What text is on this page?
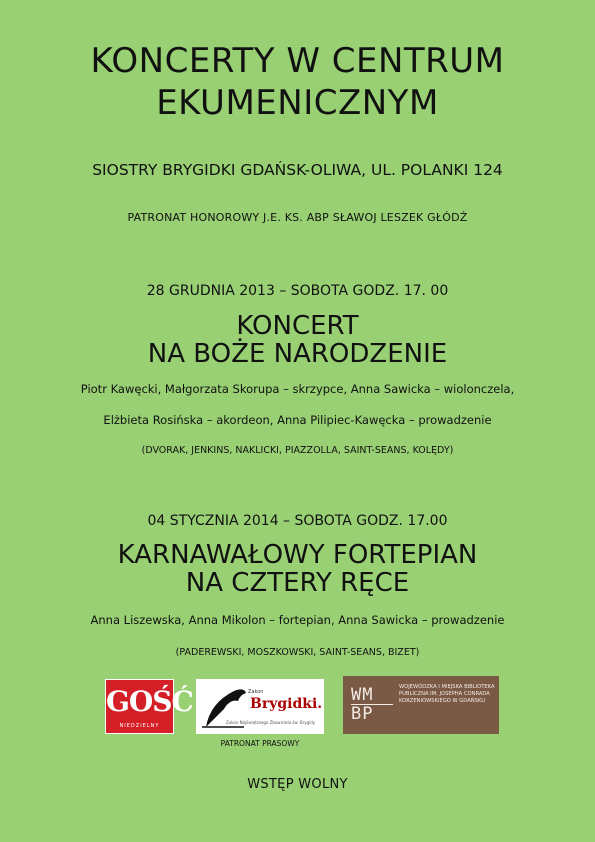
KONCERTY W CENTRUM
EKUMENICZNYM
SIOSTRY BRYGIDKI GDAŃSK-OLIWA, UL. POLANKI 124
PATRONAT HONOROWY J.E. KS. ABP SŁAWOJ LESZEK GŁÓDŹ
28 GRUDNIA 2013 – SOBOTA GODZ. 17. 00
KONCERT
NA BOŻE NARODZENIE
Piotr Kawęcki, Małgorzata Skorupa – skrzypce, Anna Sawicka – wiolonczela,
Elżbieta Rosińska – akordeon, Anna Pilipiec-Kawęcka – prowadzenie
(DVORAK, JENKINS, NAKLICKI, PIAZZOLLA, SAINT-SEANS, KOLĘDY)
04 STYCZNIA 2014 – SOBOTA GODZ. 17.00
KARNAWAŁOWY FORTEPIAN
NA CZTERY RĘCE
Anna Liszewska, Anna Mikolon – fortepian, Anna Sawicka – prowadzenie
(PADEREWSKI, MOSZKOWSKI, SAINT-SEANS, BIZET)
GOŚĆ
NIEDZIELNY
Zakon
Brygidki.
Zakon Najświętszego Zbawiciela św. Brygidy
PATRONAT PRASOWY
WM
BP
WOJEWÓDZKA I MIEJSKA BIBLIOTEKA PUBLICZNA IM. JOSEPHA CONRADA KORZENIOWSKIEGO W GDAŃSKU
WSTĘP WOLNY
